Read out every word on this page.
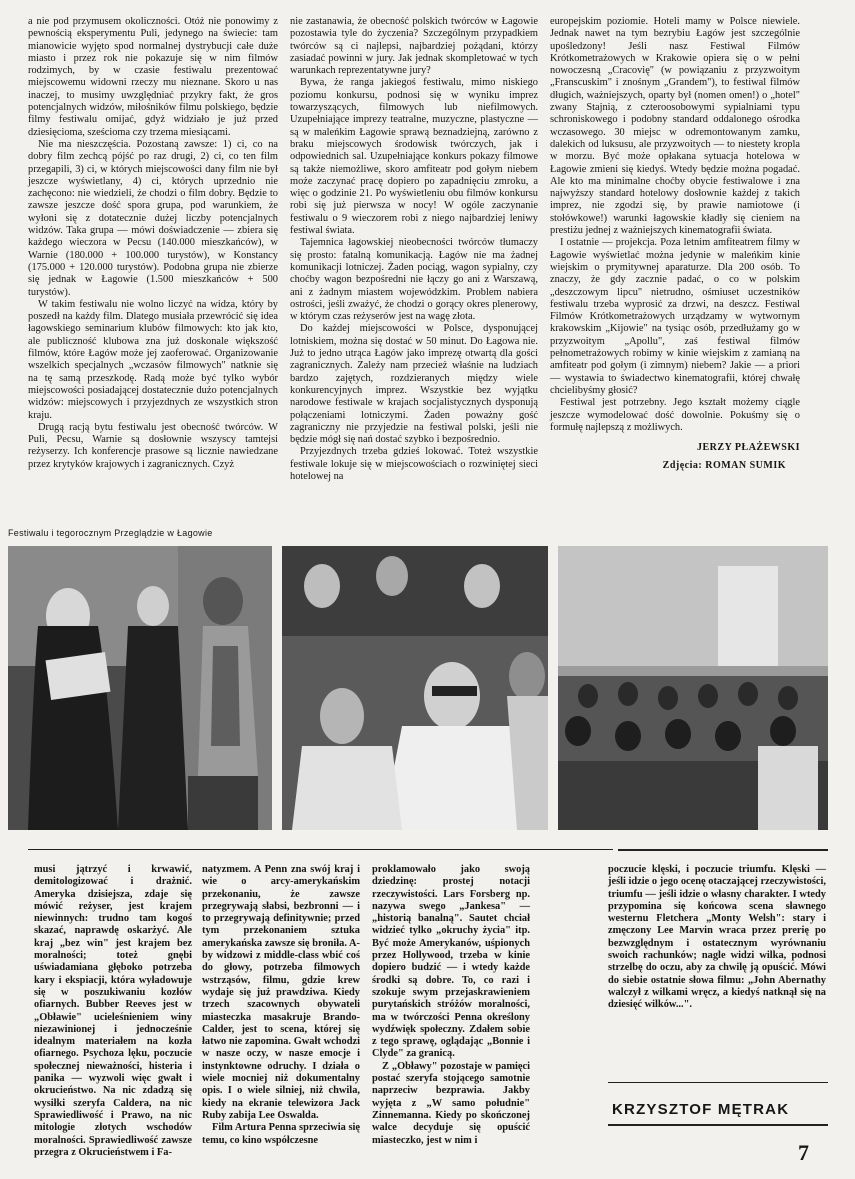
a nie pod przymusem okoliczności. Otóż nie ponowimy z pewnością eksperymentu Puli, jedynego na świecie: tam mianowicie wyjęto spod normalnej dystrybucji całe duże miasto i przez rok nie pokazuje się w nim filmów rodzimych, by w czasie festiwalu prezentować miejscowemu widowni rzeczy mu nieznane. Skoro u nas inaczej, to musimy uwzględniać przykry fakt, że gros potencjalnych widzów, miłośników filmu polskiego, będzie filmy festiwalu omijać, gdyż widziało je już przed dziesięcioma, sześcioma czy trzema miesiącami.

Nie ma nieszczęścia. Pozostaną zawsze: 1) ci, co na dobry film zechcą pójść po raz drugi, 2) ci, co ten film przegapili, 3) ci, w których miejscowości dany film nie był jeszcze wyświetlany, 4) ci, których uprzednio nie zachęcono: nie wiedzieli, że chodzi o film dobry. Będzie to zawsze jeszcze dość spora grupa, pod warunkiem, że wyłoni się z dotatecznie dużej liczby potencjalnych widzów. Taka grupa — mówi doświadczenie — zbiera się każdego wieczora w Pecsu (140.000 mieszkańców), w Warnie (180.000 + 100.000 turystów), w Konstancy (175.000 + 120.000 turystów). Podobna grupa nie zbierze się jednak w Łagowie (1.500 mieszkańców + 500 turystów).

W takim festiwalu nie wolno liczyć na widza, który by poszedł na każdy film. Dlatego musiała przewrócić się idea łagowskiego seminarium klubów filmowych: kto jak kto, ale publiczność klubowa zna już doskonale większość filmów, które Łagów może jej zaoferować. Organizowanie wszelkich specjalnych „wczasów filmowych" natknie się na tę samą przeszkodę. Radą może być tylko wybór miejscowości posiadającej dostatecznie dużo potencjalnych widzów: miejscowych i przyjezdnych ze wszystkich stron kraju.

Drugą racją bytu festiwalu jest obecność twórców. W Puli, Pecsu, Warnie są dosłownie wszyscy tamtejsi reżyserzy. Ich konferencje prasowe są licznie nawiedzane przez krytyków krajowych i zagranicznych. Czyż

nie zastanawia, że obecność polskich twórców w Łagowie pozostawia tyle do życzenia? Szczególnym przypadkiem twórców są ci najlepsi, najbardziej pożądani, którzy zasiadać powinni w jury. Jak jednak skompletować w tych warunkach reprezentatywne jury?

Bywa, że ranga jakiegoś festiwalu, mimo niskiego poziomu konkursu, podnosi się w wyniku imprez towarzyszących, filmowych lub niefilmowych. Uzupełniające imprezy teatralne, muzyczne, plastyczne — są w maleńkim Łagowie sprawą beznadziejną, zarówno z braku miejscowych środowisk twórczych, jak i odpowiednich sal. Uzupełniające konkurs pokazy filmowe są także niemożliwe, skoro amfiteatr pod gołym niebem może zaczynać pracę dopiero po zapadnięciu zmroku, a więc o godzinie 21. Po wyświetleniu obu filmów konkursu robi się już pierwsza w nocy! W ogóle zaczynanie festiwalu o 9 wieczorem robi z niego najbardziej leniwy festiwal świata.

Tajemnica łagowskiej nieobecności twórców tłumaczy się prosto: fatalną komunikacją. Łagów nie ma żadnej komunikacji lotniczej. Żaden pociąg, wagon sypialny, czy choćby wagon bezpośredni nie łączy go ani z Warszawą, ani z żadnym miastem wojewódzkim. Problem nabiera ostrości, jeśli zważyć, że chodzi o gorący okres plenerowy, w którym czas reżyserów jest na wagę złota.

Do każdej miejscowości w Polsce, dysponującej lotniskiem, można się dostać w 50 minut. Do Łagowa nie. Już to jedno utrąca Łagów jako imprezę otwartą dla gości zagranicznych. Zależy nam przecież właśnie na ludziach bardzo zajętych, rozdzieranych między wiele konkurencyjnych imprez. Wszystkie bez wyjątku narodowe festiwale w krajach socjalistycznych dysponują połączeniami lotniczymi. Żaden poważny gość zagraniczny nie przyjedzie na festiwal polski, jeśli nie będzie mógł się nań dostać szybko i bezpośrednio.

Przyjezdnych trzeba gdzieś lokować. Toteż wszystkie festiwale lokuje się w miejscowościach o rozwiniętej sieci hotelowej na

europejskim poziomie. Hoteli mamy w Polsce niewiele. Jednak nawet na tym bezrybiu Łagów jest szczególnie upośledzony! Jeśli nasz Festiwal Filmów Krótkometrażowych w Krakowie opiera się o w pełni nowoczesną „Cracovię" (w powiązaniu z przyzwoitym „Franscuskim" i znośnym „Grandem"), to festiwal filmów długich, ważniejszych, oparty był (nomen omen!) o „hotel" zwany Stajnią, z czteroosobowymi sypialniami typu schroniskowego i podobny standard oddalonego ośrodka wczasowego. 30 miejsc w odremontowanym zamku, dalekich od luksusu, ale przyzwoitych — to niestety kropla w morzu. Być może opłakana sytuacja hotelowa w Łagowie zmieni się kiedyś. Wtedy będzie można pogadać. Ale kto ma minimalne choćby obycie festiwalowe i zna najwyższy standard hotelowy dosłownie każdej z takich imprez, nie zgodzi się, by prawie namiotowe (i stołówkowe!) warunki łagowskie kładły się cieniem na prestiżu jednej z ważniejszych kinematografii świata.

I ostatnie — projekcja. Poza letnim amfiteatrem filmy w Łagowie wyświetlać można jedynie w maleńkim kinie wiejskim o prymitywnej aparaturze. Dla 200 osób. To znaczy, że gdy zacznie padać, o co w polskim „deszczowym lipcu" nietrudno, ośmiuset uczestników festiwalu trzeba wyprosić za drzwi, na deszcz. Festiwal Filmów Krótkometrażowych urządzamy w wytwornym krakowskim „Kijowie" na tysiąc osób, przedłużamy go w przyzwoitym „Apollu", zaś festiwal filmów pełnometrażowych robimy w kinie wiejskim z zamianą na amfiteatr pod gołym (i zimnym) niebem? Jakie — a priori — wystawia to świadectwo kinematografii, której chwałę chcielibyśmy głosić?

Festiwal jest potrzebny. Jego kształt możemy ciągle jeszcze wymodelować dość dowolnie. Pokuśmy się o formułę najlepszą z możliwych.

JERZY PŁAŻEWSKI

Zdjęcia: ROMAN SUMIK

Festiwalu i tegorocznym Przeglądzie w Łagowie

musi jątrzyć i krwawić, demitologizować i drażnić. Ameryka dzisiejsza, zdaje się mówić reżyser, jest krajem niewinnych: trudno tam kogoś skazać, naprawdę oskarżyć. Ale kraj „bez win" jest krajem bez moralności; toteż gnębi uświadamiana głęboko potrzeba kary i ekspiacji, która wyładowuje się w poszukiwaniu kozłów ofiarnych. Bubber Reeves jest w „Obławie" ucieleśnieniem winy niezawinionej i jednocześnie idealnym materiałem na kozła ofiarnego. Psychoza lęku, poczucie społecznej nieważności, histeria i panika — wyzwoli więc gwałt i okrucieństwo. Na nic zdadzą się wysiłki szeryfa Caldera, na nic Sprawiedliwość i Prawo, na nic mitologie złotych wschodów moralności. Sprawiedliwość zawsze przegra z Okrucieństwem i Fa-

natyzmem. A Penn zna swój kraj i wie o arcy-amerykańskim przekonaniu, że zawsze przegrywają słabsi, bezbronni — i to przegrywają definitywnie; przed tym przekonaniem sztuka amerykańska zawsze się broniła. A-by widzowi z middle-class wbić coś do głowy, potrzeba filmowych wstrząsów, filmu, gdzie krew wydaje się już prawdziwa. Kiedy trzech szacownych obywateli miasteczka masakruje Brando-Calder, jest to scena, której się łatwo nie zapomina. Gwałt wchodzi w nasze oczy, w nasze emocje i instynktowne odruchy. I działa o wiele mocniej niż dokumentalny opis. I o wiele silniej, niż chwila, kiedy na ekranie telewizora Jack Ruby zabija Lee Oswalda.

Film Artura Penna sprzeciwia się temu, co kino współczesne

proklamowało jako swoją dziedzinę: prostej notacji rzeczywistości. Lars Forsberg np. nazywa swego „Jankesa" — „historią banalną". Sautet chciał widzieć tylko „okruchy życia" itp. Być może Amerykanów, uśpionych przez Hollywood, trzeba w kinie dopiero budzić — i wtedy każde środki są dobre. To, co razi i szokuje swym przejaskrawieniem purytańskich stróżów moralności, ma w twórczości Penna określony wydźwięk społeczny. Zdałem sobie z tego sprawę, oglądając „Bonnie i Clyde" za granicą.

Z „Obławy" pozostaje w pamięci postać szeryfa stojącego samotnie naprzeciw bezprawia. Jakby wyjęta z „W samo południe" Zinnemanna. Kiedy po skończonej walce decyduje się opuścić miasteczko, jest w nim i

poczucie klęski, i poczucie triumfu. Klęski — jeśli idzie o jego ocenę otaczającej rzeczywistości, triumfu — jeśli idzie o własny charakter. I wtedy przypomina się końcowa scena sławnego westernu Fletchera „Monty Welsh": stary i zmęczony Lee Marvin wraca przez prerię po bezwzględnym i ostatecznym wyrównaniu swoich rachunków; nagle widzi wilka, podnosi strzelbę do oczu, aby za chwilę ją opuścić. Mówi do siebie ostatnie słowa filmu: „John Abernathy walczył z wilkami wręcz, a kiedyś natknął się na dziesięć wilków...".

KRZYSZTOF MĘTRAK
7
